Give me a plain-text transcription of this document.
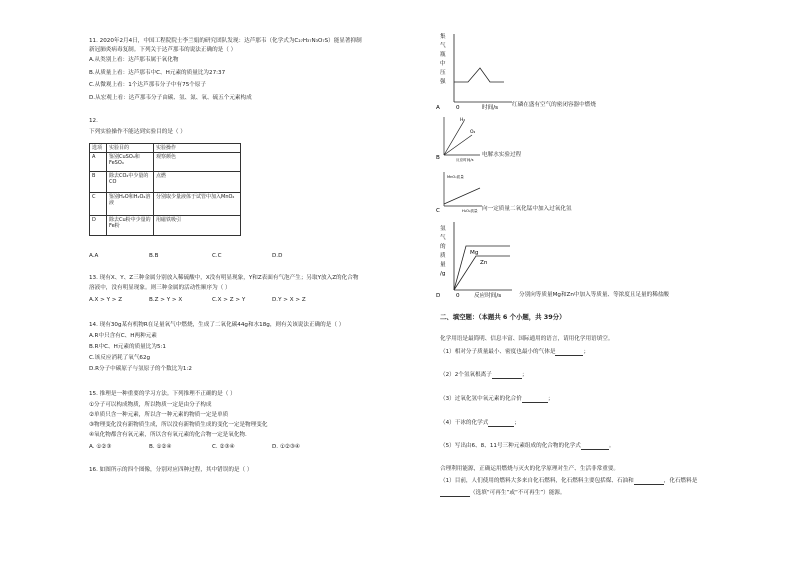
11. 2020年2月4日，中国工程院院士李兰娟的研究团队发现：达芦那韦（化学式为C₂₇H₃₇N₃O₇S）能显著抑制
新冠肺炎病毒复制。下列关于达芦那韦的说法正确的是（ ）
A.从类别上看：达芦那韦属于氧化物
B.从质量上看：达芦那韦中C、H元素的质量比为27:37
C.从微观上看：1个达芦那韦分子中有75个原子
D.从宏观上看：达芦那韦分子由碳、氢、氮、氧、硫五个元素构成
12.
下列实验操作不能达到实验目的是（ ）
选项	实验目的	实验操作
A	鉴别CuSO₄和FeSO₄	观察颜色
B	除去CO₂中少量的CO	点燃
C	鉴别H₂O和H₂O₂溶液	分别取少量液体于试管中加入MnO₂
D	除去Cu粉中少量的Fe粉	用磁铁吸引
A.A	B.B	C.C	D.D
13. 现有X、Y、Z三种金属分别放入稀硫酸中，X没有明显现象，Y和Z表面有气泡产生；另取Y放入Z的化合物
溶液中，没有明显现象。则三种金属的活动性顺序为（ ）
A.X > Y > Z	B.Z > Y > X	C.X > Z > Y	D.Y > X > Z
14. 现有30g某有机物R在足量氧气中燃烧，生成了二氧化碳44g和水18g，则有关该说法正确的是（ ）
A.R中只含有C、H两种元素
B.R中C、H元素的质量比为5:1
C.该反应消耗了氧气62g
D.R分子中碳原子与氢原子的个数比为1:2
15. 推理是一种重要的学习方法。下列推理不正确的是（ ）
①分子可以构成物质，所以物质一定是由分子构成
②单质只含一种元素，所以含一种元素的物质一定是单质
③物理变化没有新物质生成，所以没有新物质生成的变化一定是物理变化
④氧化物都含有氧元素，所以含有氧元素的化合物一定是氧化物.
A. ①②③	B. ①②④	C. ②③④	D. ①②③④
16. 如图所示的四个图像，分别对应四种过程，其中错误的是（ ）
集
气
瓶
中
压
强
0	时间/s
A	红磷在盛有空气的密闭容器中燃烧
H₂
O₂
反应时间/s
B	电解水实验过程
MnO₂质量
H₂O₂质量
C	向一定质量二氧化锰中加入过氧化氢
Mg
Zn
氢
气
的
质
量
/g
0	反应时间/s
D	分别向等质量Mg和Zn中加入等质量、等浓度且足量的稀盐酸
二、填空题：（本题共 6 个小题，共 39分）
化学用语是最简明、信息丰富、国际通用的语言，请用化学用语填空。
（1）相对分子质量最小、密度也最小的气体是	；
（2）2个氢氧根离子	；
（3）过氧化氢中氧元素的化合价	；
（4）干冰的化学式	；
（5）写出由6、8、11号三种元素组成的化合物的化学式	。
合理利用能源，正确运用燃烧与灭火的化学原理对生产、生活非常重要。
（1）目前，人们使用的燃料大多来自化石燃料，化石燃料主要包括煤、石油和	，化石燃料是
（选填“可再生”或“不可再生”）能源。
